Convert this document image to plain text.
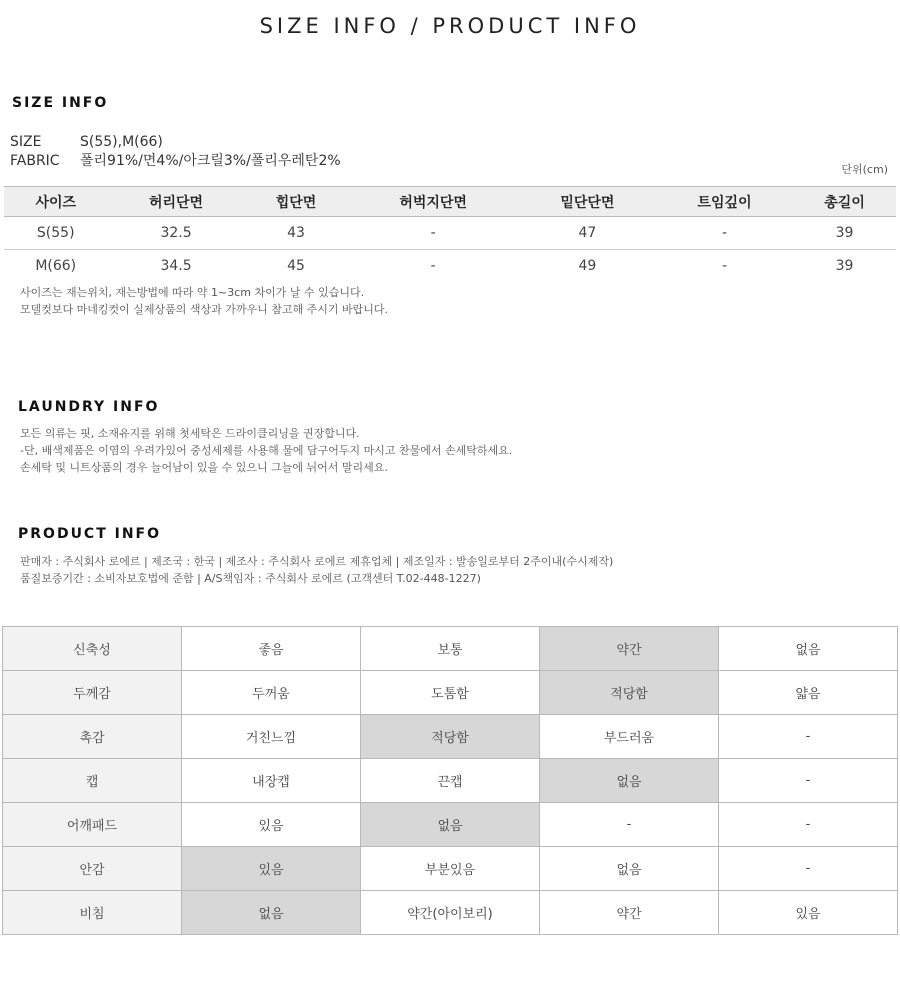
SIZE INFO / PRODUCT INFO
SIZE INFO
SIZE	S(55),M(66)
FABRIC 폴리91%/면4%/아크릴3%/폴리우레탄2%
단위(cm)
사이즈	허리단면	힙단면	허벅지단면	밑단단면	트임깊이	총길이
S(55)	32.5	43	-	47	-	39
M(66)	34.5	45	-	49	-	39
사이즈는 재는위치, 재는방법에 따라 약 1~3cm 차이가 날 수 있습니다.
모델컷보다 마네킹컷이 실제상품의 색상과 가까우니 참고해 주시기 바랍니다.
LAUNDRY INFO
모든 의류는 핏, 소재유지를 위해 첫세탁은 드라이클리닝을 권장합니다.
-단, 배색제품은 이염의 우려가있어 중성세제를 사용해 물에 담구어두지 마시고 찬물에서 손세탁하세요.
손세탁 및 니트상품의 경우 늘어남이 있을 수 있으니 그늘에 뉘어서 말리세요.
PRODUCT INFO
판매자 : 주식회사 로에르 | 제조국 : 한국 | 제조사 : 주식회사 로에르 제휴업체 | 제조일자 : 발송일로부터 2주이내(수시제작)
품질보증기간 : 소비자보호법에 준함 | A/S책임자 : 주식회사 로에르 (고객센터 T.02-448-1227)
신축성	좋음	보통	약간	없음
두께감	두꺼움	도톰함	적당함	얇음
촉감	거친느낌	적당함	부드러움	-
캡	내장캡	끈캡	없음	-
어깨패드	있음	없음	-	-
안감	있음	부분있음	없음	-
비침	없음	약간(아이보리)	약간	있음
